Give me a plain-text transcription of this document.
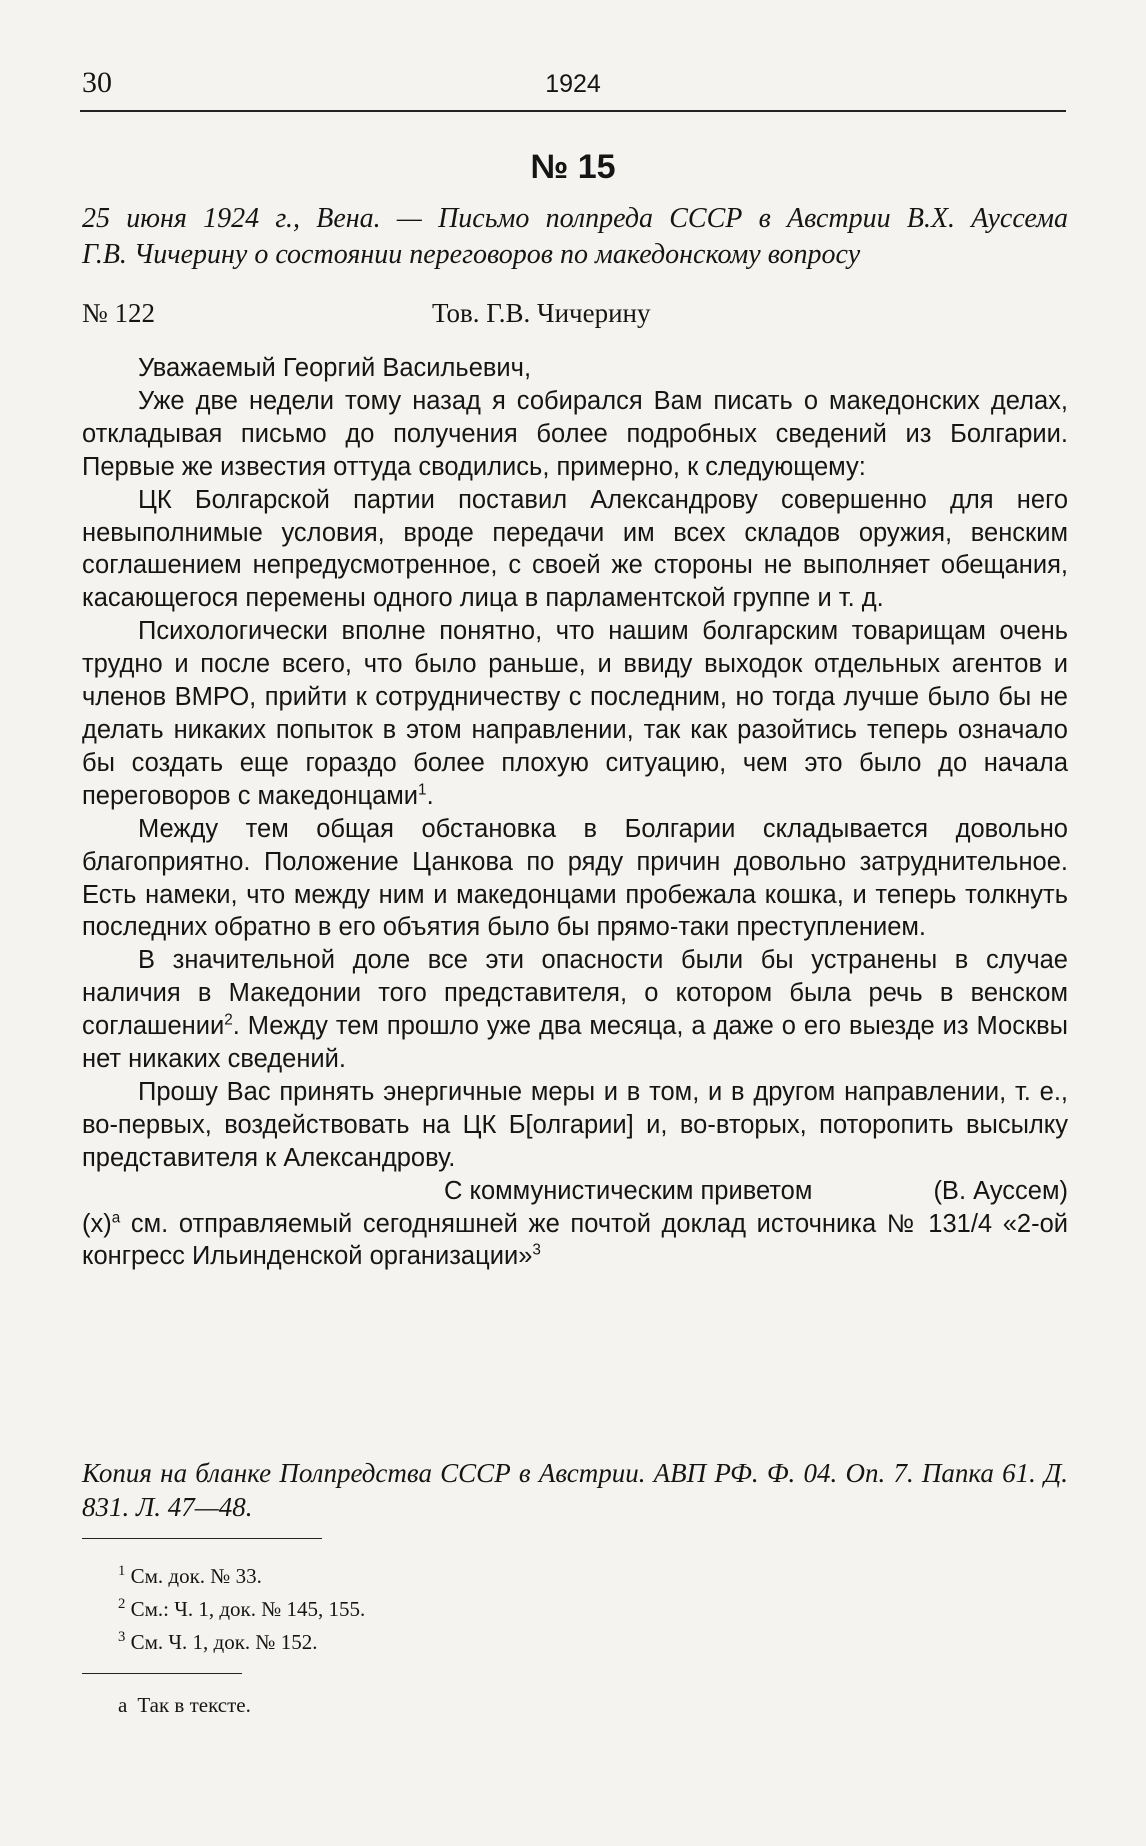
30	1924
№ 15
25 июня 1924 г., Вена. — Письмо полпреда СССР в Австрии В.Х. Ауссема
Г.В. Чичерину о состоянии переговоров по македонскому вопросу
№ 122	Тов. Г.В. Чичерину

Уважаемый Георгий Васильевич,

Уже две недели тому назад я собирался Вам писать о македонских делах, откладывая письмо до получения более подробных сведений из Болгарии. Первые же известия оттуда сводились, примерно, к следующему:

ЦК Болгарской партии поставил Александрову совершенно для него невыполнимые условия, вроде передачи им всех складов оружия, венским соглашением непредусмотренное, с своей же стороны не выполняет обещания, касающегося перемены одного лица в парламентской группе и т. д.

Психологически вполне понятно, что нашим болгарским товарищам очень трудно и после всего, что было раньше, и ввиду выходок отдельных агентов и членов ВМРО, прийти к сотрудничеству с последним, но тогда лучше было бы не делать никаких попыток в этом направлении, так как разойтись теперь означало бы создать еще гораздо более плохую ситуацию, чем это было до начала переговоров с македонцами$^1$.

Между тем общая обстановка в Болгарии складывается довольно благоприятно. Положение Цанкова по ряду причин довольно затруднительное. Есть намеки, что между ним и македонцами пробежала кошка, и теперь толкнуть последних обратно в его объятия было бы прямо-таки преступлением.

В значительной доле все эти опасности были бы устранены в случае наличия в Македонии того представителя, о котором была речь в венском соглашении$^2$. Между тем прошло уже два месяца, а даже о его выезде из Москвы нет никаких сведений.

Прошу Вас принять энергичные меры и в том, и в другом направлении, т. е., во-первых, воздействовать на ЦК Б[олгарии] и, во-вторых, поторопить высылку представителя к Александрову.

С коммунистическим приветом	(В. Ауссем)

$(х)^a$ см. отправляемый сегодняшней же почтой доклад источника № 131/4 «2-ой конгресс Ильинденской организации»$^3$

Копия на бланке Полпредства СССР в Австрии. АВП РФ. Ф. 04. Оп. 7. Папка 61. Д. 831. Л. 47—48.
$^1$ См. док. № 33.
$^2$ См.: Ч. 1, док. № 145, 155.
$^3$ См. Ч. 1, док. № 152.
а Так в тексте.
